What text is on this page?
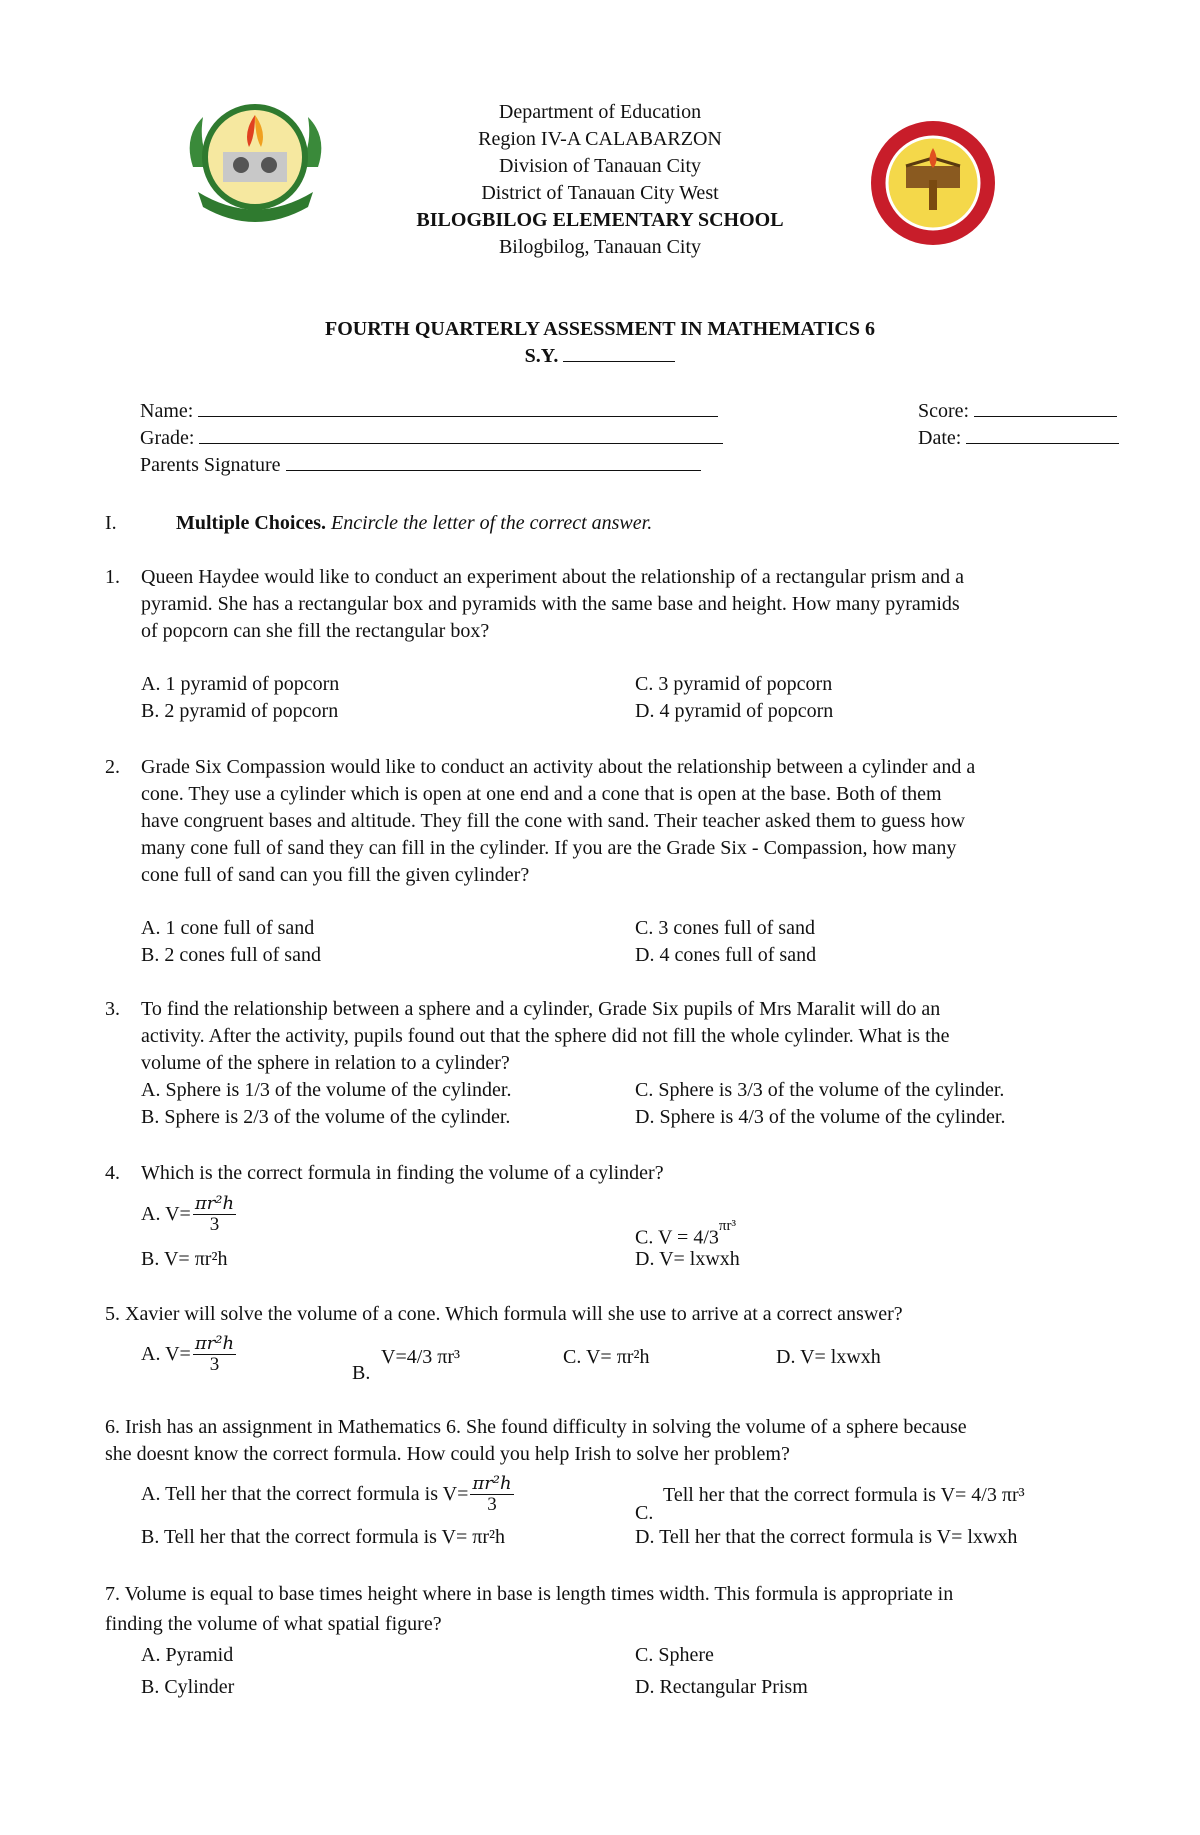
Department of Education
Region IV-A CALABARZON
Division of Tanauan City
District of Tanauan City West
BILOGBILOG ELEMENTARY SCHOOL
Bilogbilog, Tanauan City
FOURTH QUARTERLY ASSESSMENT IN MATHEMATICS 6
S.Y.
Name:
Grade:
Parents Signature
Score:
Date:
I.	Multiple Choices. Encircle the letter of the correct answer.
1. Queen Haydee would like to conduct an experiment about the relationship of a rectangular prism and a
pyramid. She has a rectangular box and pyramids with the same base and height. How many pyramids
of popcorn can she fill the rectangular box?
A. 1 pyramid of popcorn
B. 2 pyramid of popcorn
C. 3 pyramid of popcorn
D. 4 pyramid of popcorn
2. Grade Six Compassion would like to conduct an activity about the relationship between a cylinder and a
cone. They use a cylinder which is open at one end and a cone that is open at the base. Both of them
have congruent bases and altitude. They fill the cone with sand. Their teacher asked them to guess how
many cone full of sand they can fill in the cylinder. If you are the Grade Six - Compassion, how many
cone full of sand can you fill the given cylinder?
A. 1 cone full of sand
B. 2 cones full of sand
C. 3 cones full of sand
D. 4 cones full of sand
3. To find the relationship between a sphere and a cylinder, Grade Six pupils of Mrs Maralit will do an
activity. After the activity, pupils found out that the sphere did not fill the whole cylinder. What is the
volume of the sphere in relation to a cylinder?
A. Sphere is 1/3 of the volume of the cylinder.
B. Sphere is 2/3 of the volume of the cylinder.
C. Sphere is 3/3 of the volume of the cylinder.
D. Sphere is 4/3 of the volume of the cylinder.
4. Which is the correct formula in finding the volume of a cylinder?
A. $V= \frac{\text{πr²h}}{3}$
B. V= πr²h
C. $V = 4/3^{\pi r^3}$
D. V= lxwxh
5. Xavier will solve the volume of a cone. Which formula will she use to arrive at a correct answer?
A. $V= \frac{\text{πr²h}}{3}$	B.
V=4/3 πr³	C. V= πr²h	D. V= lxwxh
6. Irish has an assignment in Mathematics 6. She found difficulty in solving the volume of a sphere because
she doesnt know the correct formula. How could you help Irish to solve her problem?
A. Tell her that the correct formula is $V= \frac{\text{πr²h}}{3}$	C.
Tell her that the correct formula is V= 4/3 πr³
B. Tell her that the correct formula is V= πr²h	D. Tell her that the correct formula is V= lxwxh
7. Volume is equal to base times height where in base is length times width. This formula is appropriate in
finding the volume of what spatial figure?
A. Pyramid
B. Cylinder
C. Sphere
D. Rectangular Prism
